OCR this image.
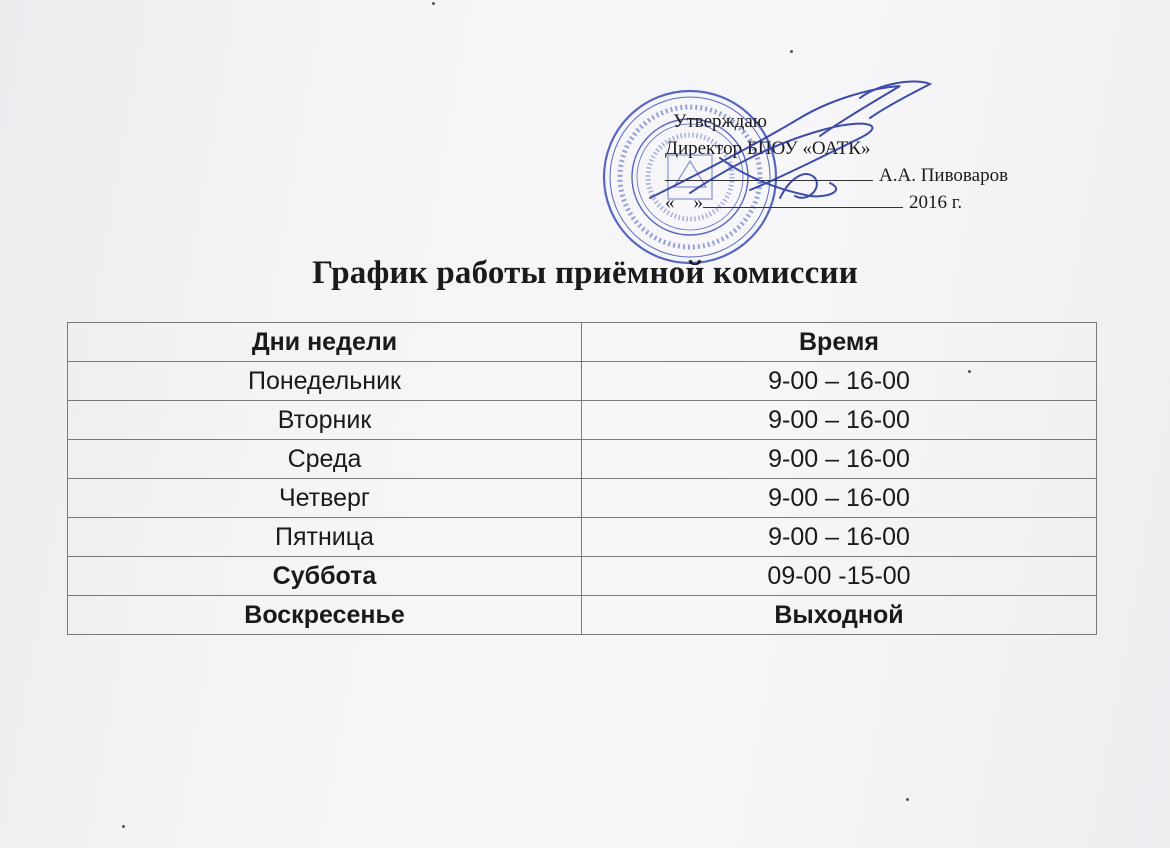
Утверждаю
Директор БПОУ «ОАТК»
А.А. Пивоваров
« »	2016 г.
График работы приёмной комиссии
Дни недели	Время
Понедельник	9-00 – 16-00
Вторник	9-00 – 16-00
Среда	9-00 – 16-00
Четверг	9-00 – 16-00
Пятница	9-00 – 16-00
Суббота	09-00 -15-00
Воскресенье	Выходной
